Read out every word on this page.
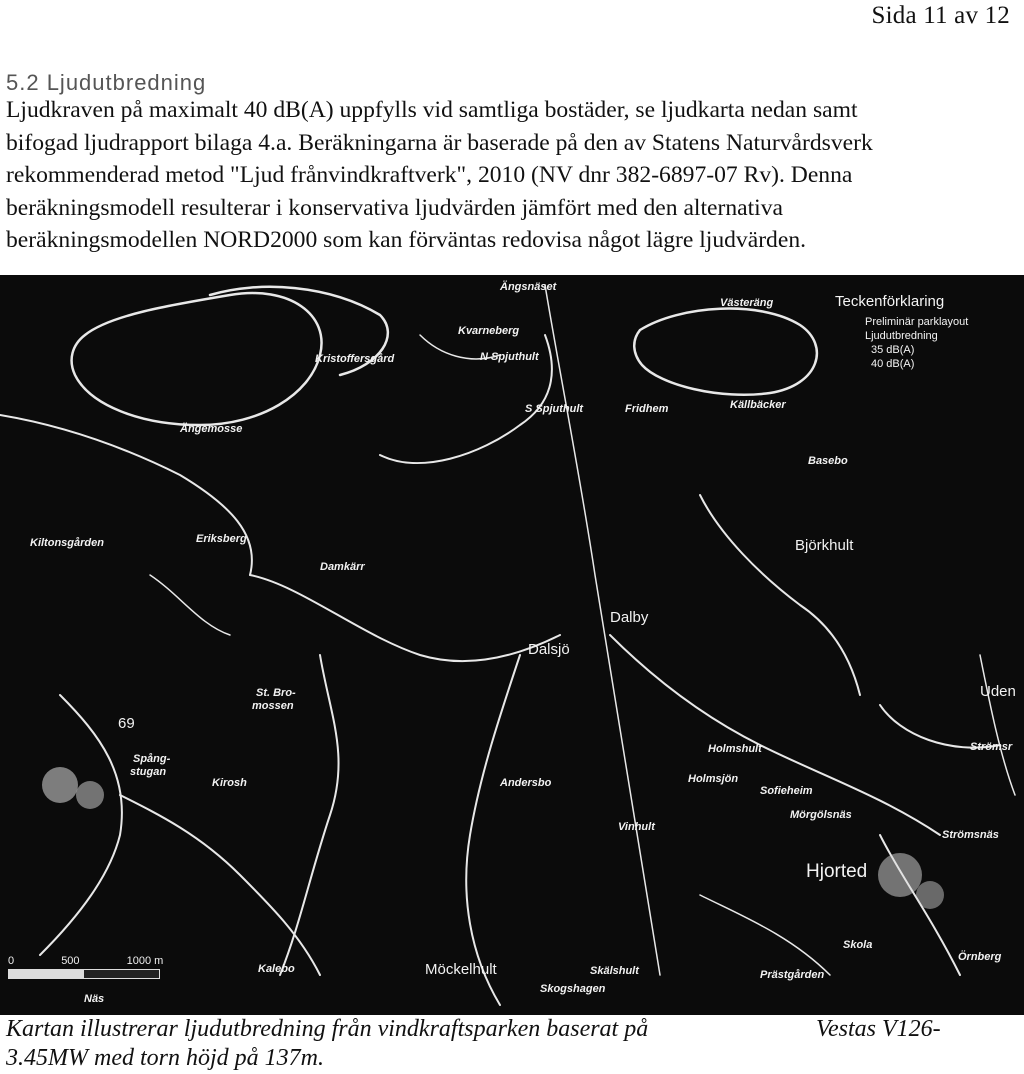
Sida 11 av 12
5.2 Ljudutbredning
Ljudkraven på maximalt 40 dB(A) uppfylls vid samtliga bostäder, se ljudkarta nedan samt
bifogad ljudrapport bilaga 4.a. Beräkningarna är baserade på den av Statens Naturvårdsverk
rekommenderad metod "Ljud frånvindkraftverk", 2010 (NV dnr 382-6897-07 Rv). Denna
beräkningsmodell resulterar i konservativa ljudvärden jämfört med den alternativa
beräkningsmodellen NORD2000 som kan förväntas redovisa något lägre ljudvärden.
Teckenförklaring
Preliminär parklayout
Ljudutbredning
35 dB(A)
40 dB(A)
Ängsnäset
Västeräng
Kvarneberg
Kristoffersgård	N Spjuthult
S Spjuthult	Fridhem	Källbäcker
Ängemosse
Basebo
Eriksberg
Kiltonsgården
Damkärr
Björkhult
Dalby
Dalsjö
St. Bro-
mossen
Uden
Strömsr
Spång-
stugan
Kirosh
Holmshult
Holmsjön
Andersbo
Sofieheim
Mörgölsnäs
Vinhult
Strömsnäs
Hjorted
Kalebo	Möckelhult	Skälshult
Skogshagen
Skola
Prästgården
Örnberg
Näs
69
0	500	1000 m
Kartan illustrerar ljudutbredning från vindkraftsparken baserat på	Vestas V126-
3.45MW med torn höjd på 137m.
